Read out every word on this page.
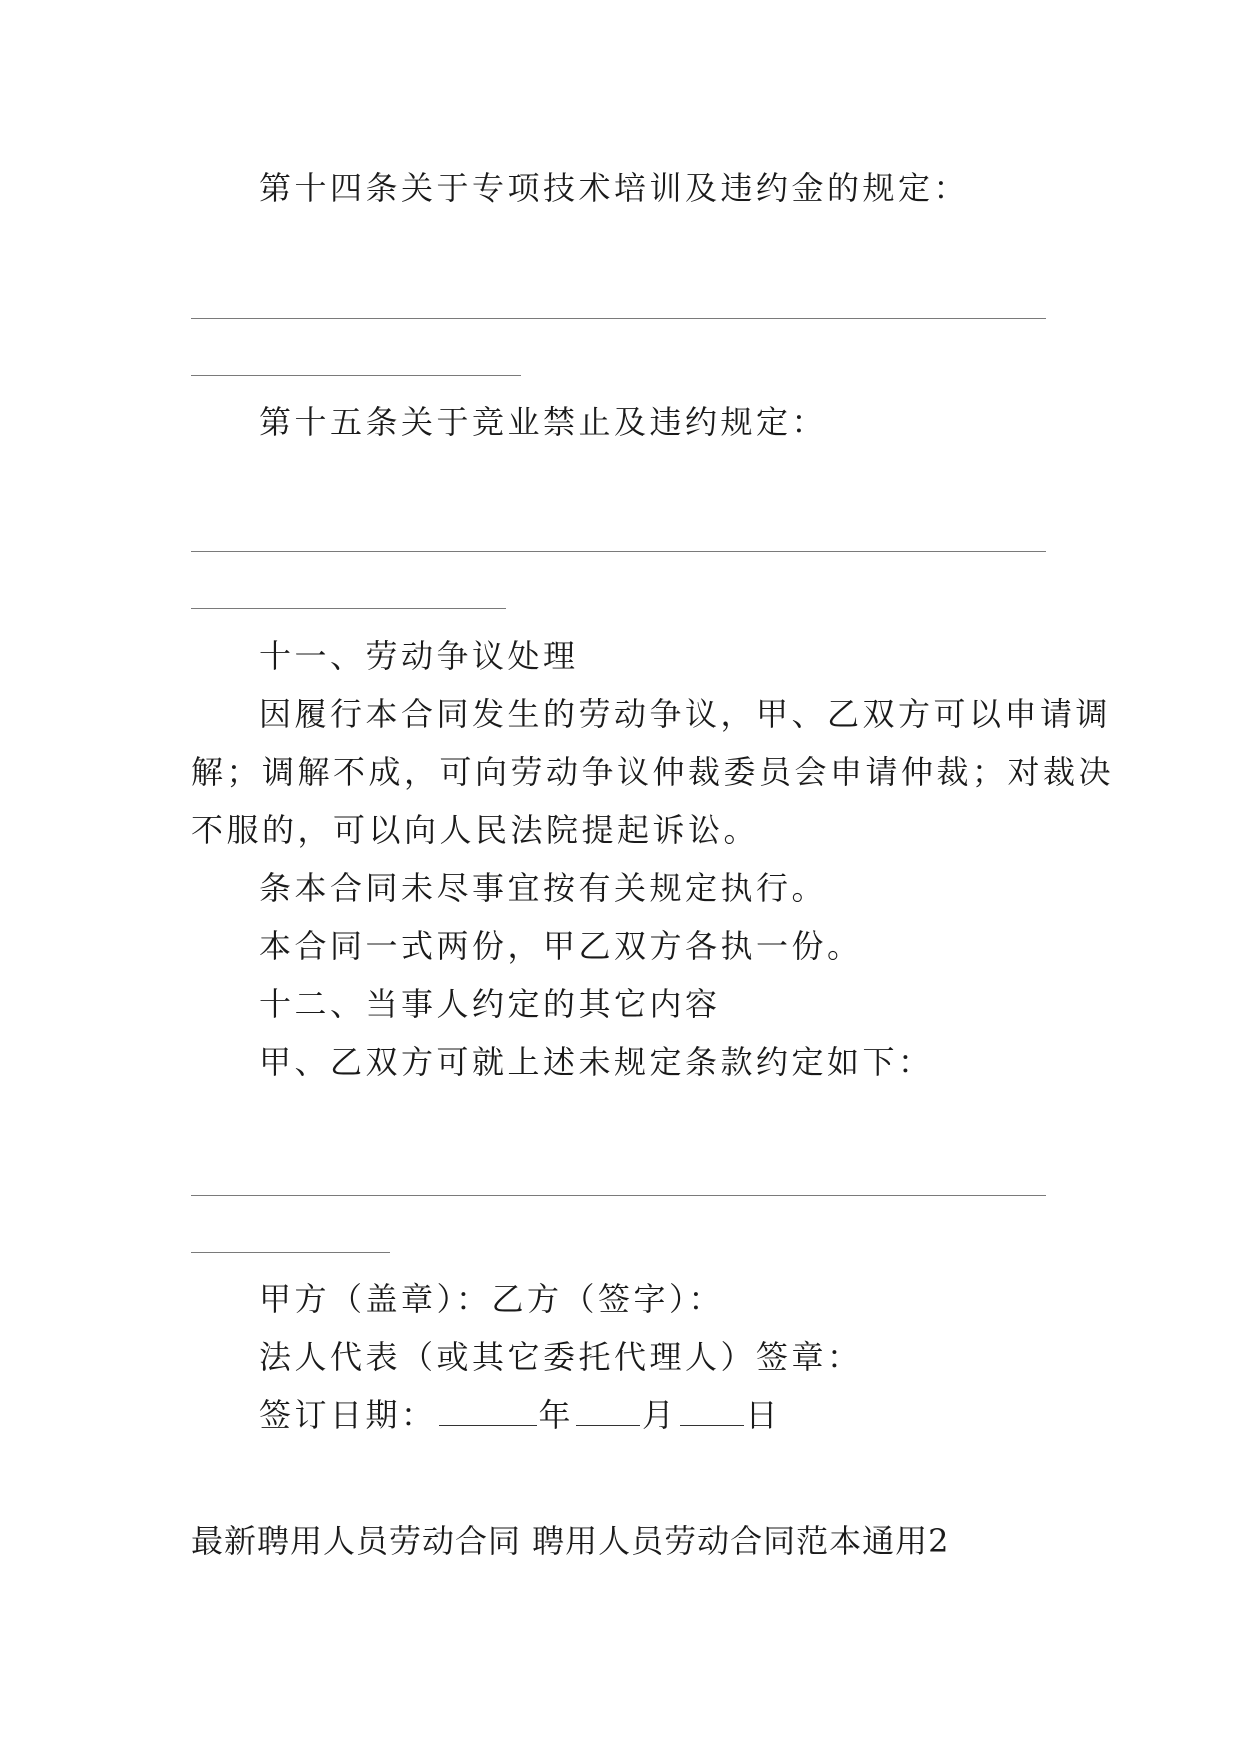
第十四条关于专项技术培训及违约金的规定：
第十五条关于竞业禁止及违约规定：
十一、劳动争议处理
因履行本合同发生的劳动争议，甲、乙双方可以申请调
解；调解不成，可向劳动争议仲裁委员会申请仲裁；对裁决
不服的，可以向人民法院提起诉讼。
条本合同未尽事宜按有关规定执行。
本合同一式两份，甲乙双方各执一份。
十二、当事人约定的其它内容
甲、乙双方可就上述未规定条款约定如下：
甲方（盖章）：乙方（签字）：
法人代表（或其它委托代理人）签章：
签订日期：	年 月 日
最新聘用人员劳动合同 聘用人员劳动合同范本通用2
